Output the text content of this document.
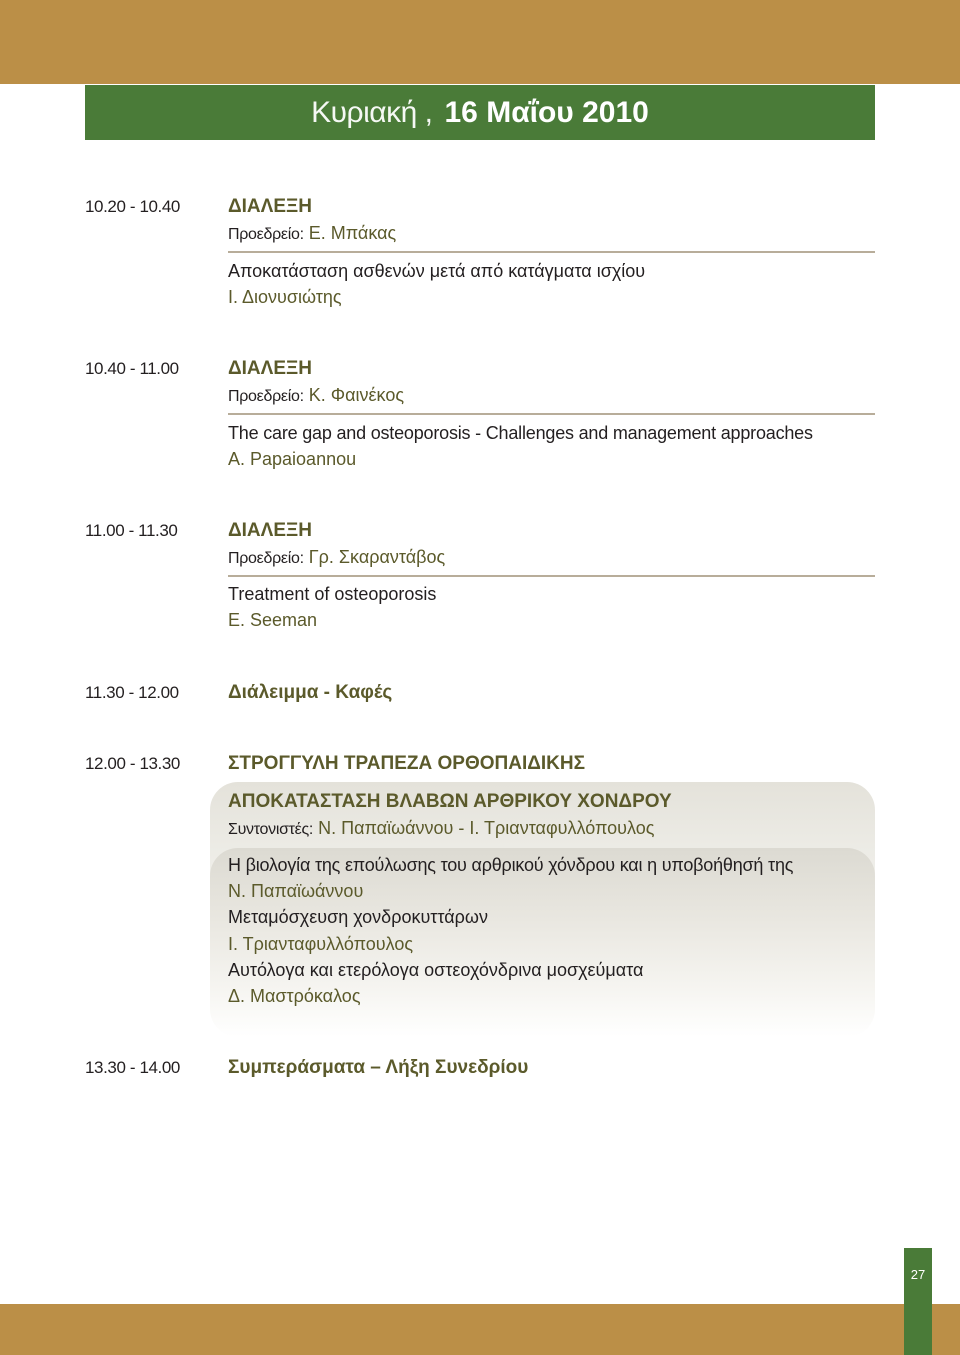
Κυριακή , 16 Μαΐου 2010
10.20 - 10.40	ΔΙΑΛΕΞΗ
Προεδρείο: Ε. Μπάκας
Αποκατάσταση ασθενών μετά από κατάγματα ισχίου
Ι. Διονυσιώτης
10.40 - 11.00	ΔΙΑΛΕΞΗ
Προεδρείο: Κ. Φαινέκος
The care gap and osteoporosis - Challenges and management approaches
A. Papaioannou
11.00 - 11.30	ΔΙΑΛΕΞΗ
Προεδρείο: Γρ. Σκαραντάβος
Treatment of osteoporosis
E. Seeman
11.30 - 12.00	Διάλειμμα - Καφές
12.00 - 13.30	ΣΤΡΟΓΓΥΛΗ ΤΡΑΠΕΖΑ ΟΡΘΟΠΑΙΔΙΚΗΣ
ΑΠΟΚΑΤΑΣΤΑΣΗ ΒΛΑΒΩΝ ΑΡΘΡΙΚΟΥ ΧΟΝΔΡΟΥ
Συντονιστές: Ν. Παπαϊωάννου - Ι. Τριανταφυλλόπουλος
Η βιολογία της επούλωσης του αρθρικού χόνδρου και η υποβοήθησή της
Ν. Παπαϊωάννου
Μεταμόσχευση χονδροκυττάρων
Ι. Τριανταφυλλόπουλος
Αυτόλογα και ετερόλογα οστεοχόνδρινα μοσχεύματα
Δ. Μαστρόκαλος
13.30 - 14.00	Συμπεράσματα – Λήξη Συνεδρίου
27
